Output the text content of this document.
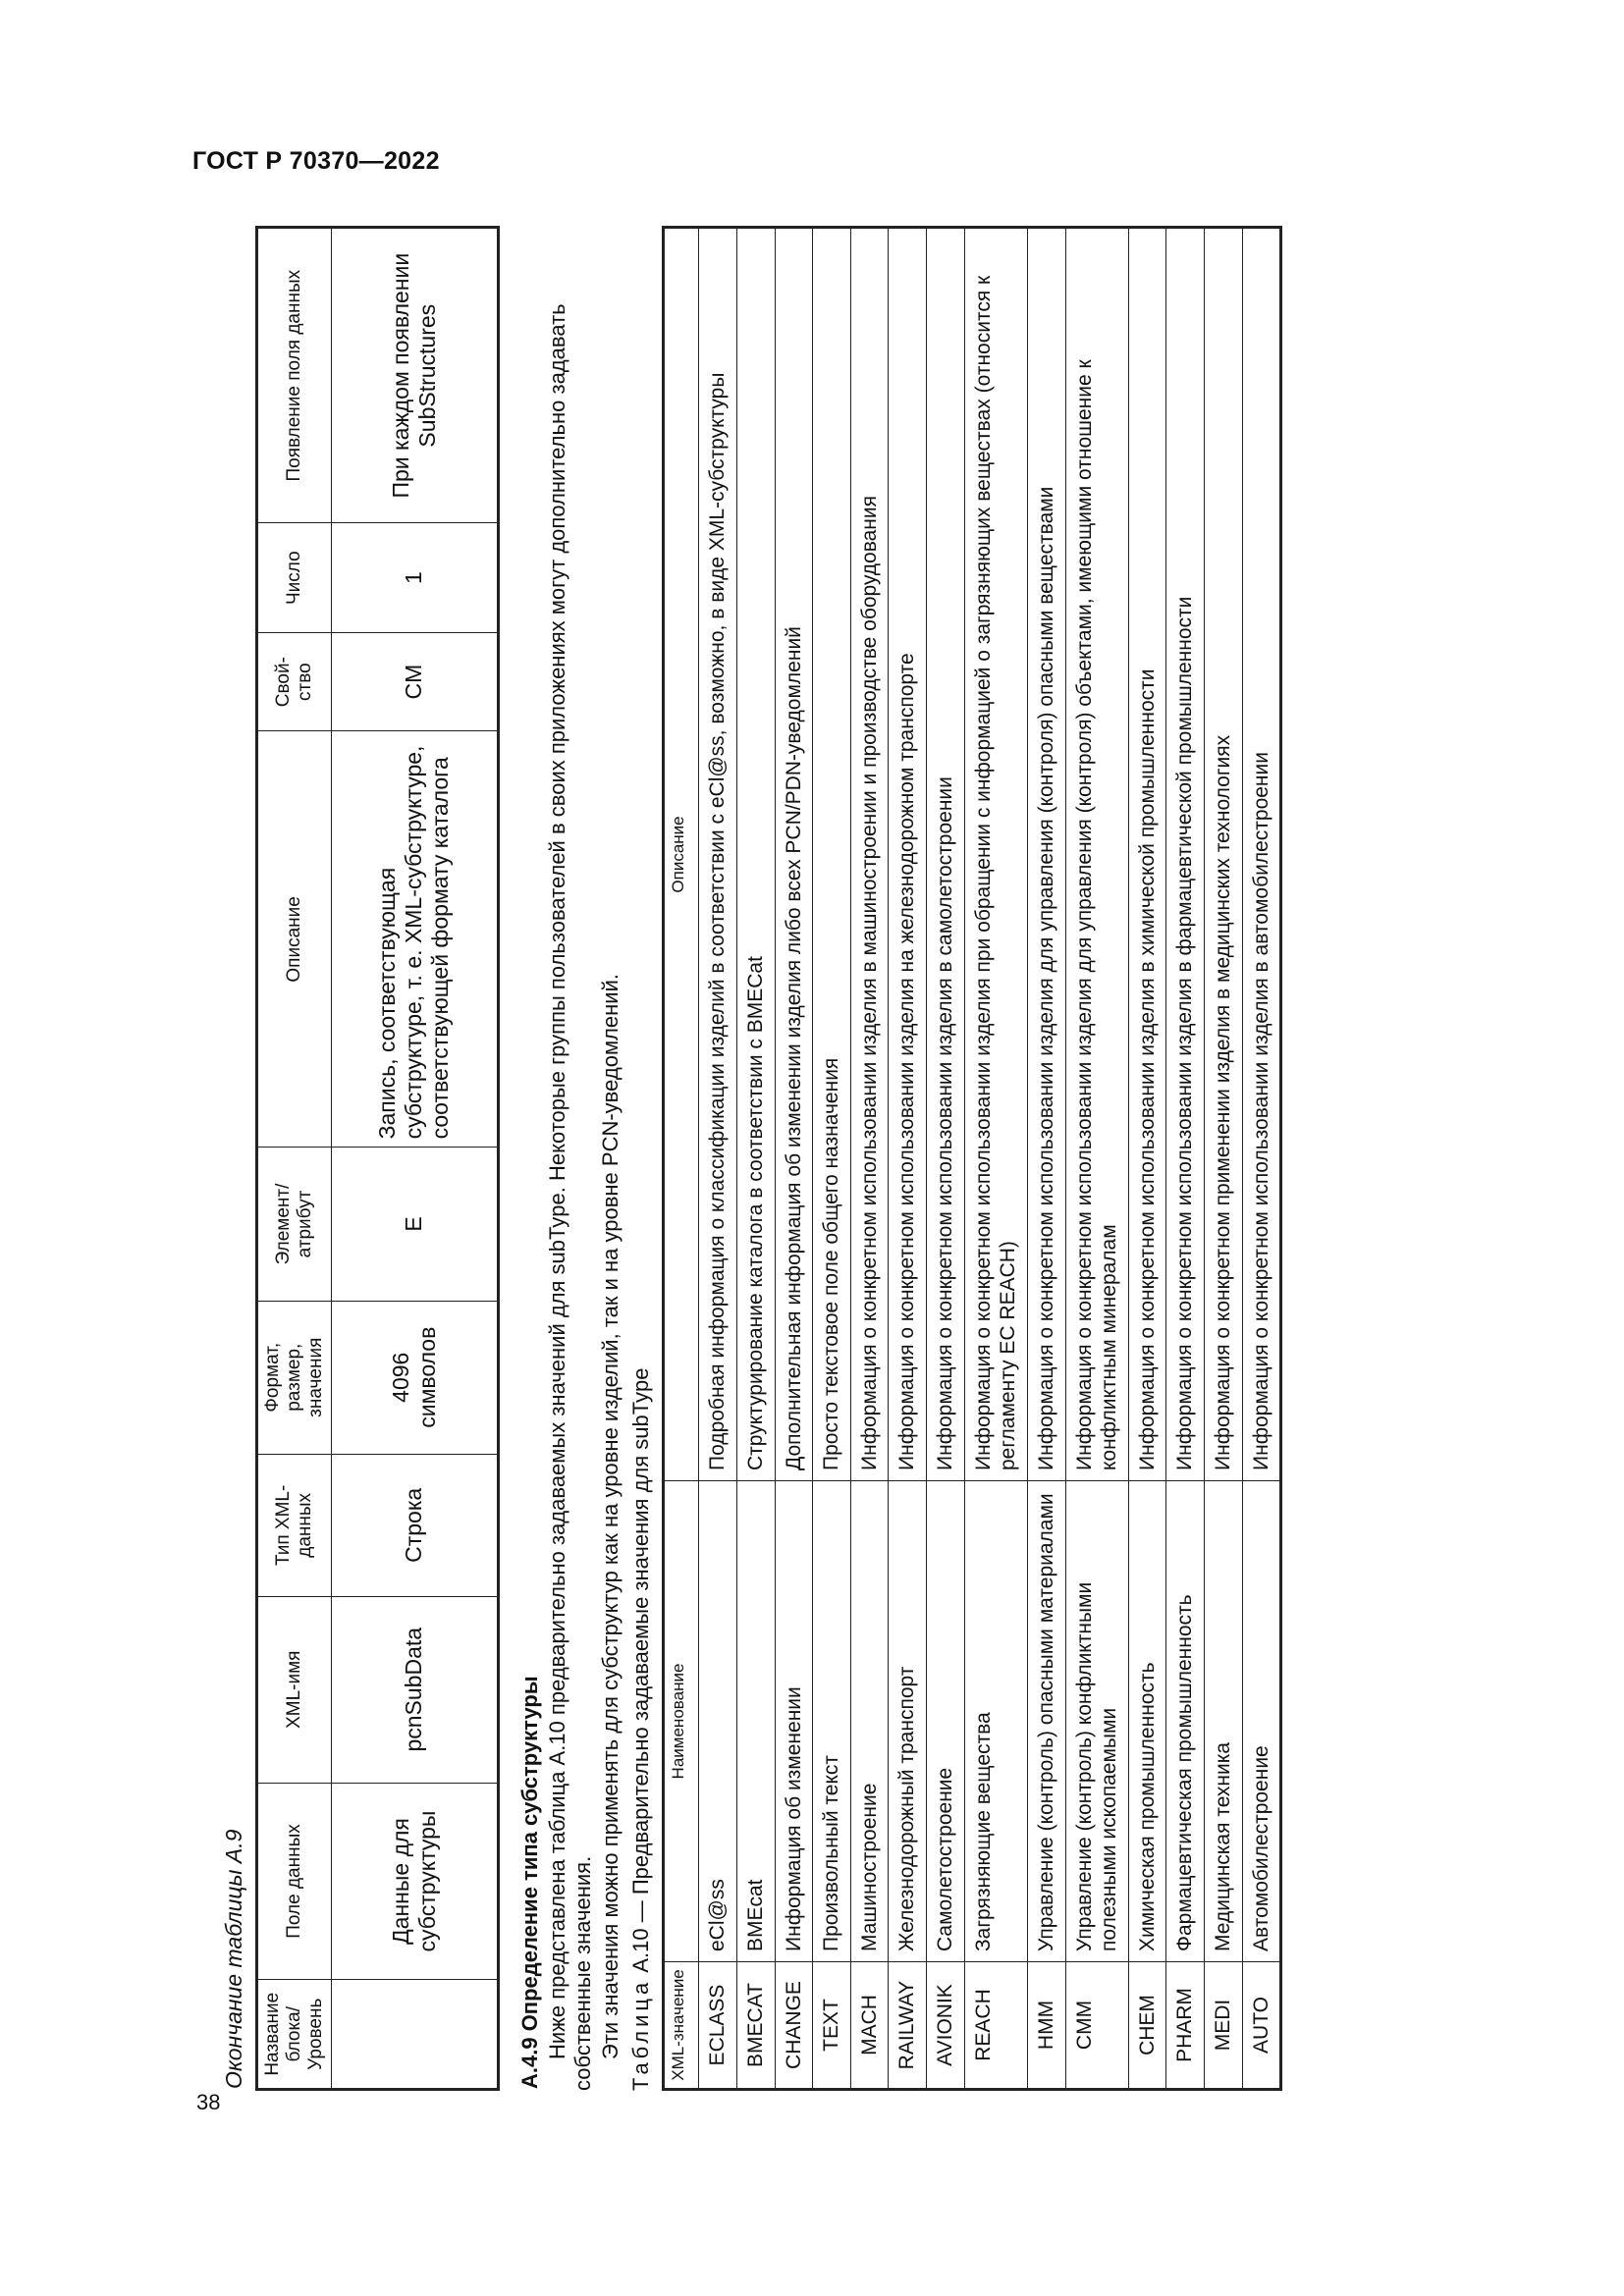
ГОСТ Р 70370—2022
38
Окончание таблицы А.9 Название блока/ Уровень	Поле данных	XML-имя	Тип XML-данных	Формат, размер, значения	Элемент/ атрибут	Описание	Свой-ство	Число	Появление поля данных
	Данные для субструктуры	pcnSubData	Строка	4096 символов	E	Запись, соответствующая субструктуре, т. е. XML-субструктуре, соответствующей формату каталога	CM	1	При каждом появлении SubStructures
А.4.9 Определение типа субструктуры Ниже представлена таблица А.10 предварительно задаваемых значений для subType. Некоторые группы пользователей в своих приложениях могут дополнительно задавать собственные значения. Эти значения можно применять для субструктур как на уровне изделий, так и на уровне PCN-уведомлений. Таблица А.10 — Предварительно задаваемые значения для subType
XML-значение	Наименование	Описание
ECLASS	eCl@ss	Подробная информация о классификации изделий в соответствии с eCl@ss, возможно, в виде XML-субструктуры
BMECAT	BMEcat	Структурирование каталога в соответствии с BMECat
CHANGE	Информация об изменении	Дополнительная информация об изменении изделия либо всех PCN/PDN-уведомлений
TEXT	Произвольный текст	Просто текстовое поле общего назначения
MACH	Машиностроение	Информация о конкретном использовании изделия в машиностроении и производстве оборудования
RAILWAY	Железнодорожный транспорт	Информация о конкретном использовании изделия на железнодорожном транспорте
AVIONIK	Самолетостроение	Информация о конкретном использовании изделия в самолетостроении
REACH	Загрязняющие вещества	Информация о конкретном использовании изделия при обращении с информацией о загрязняющих веществах (относится к регламенту ЕС REACH)
HMM	Управление (контроль) опасными материалами	Информация о конкретном использовании изделия для управления (контроля) опасными веществами
CMM	Управление (контроль) конфликтными полезными ископаемыми	Информация о конкретном использовании изделия для управления (контроля) объектами, имеющими отношение к конфликтным минералам
CHEM	Химическая промышленность	Информация о конкретном использовании изделия в химической промышленности
PHARM	Фармацевтическая промышленность	Информация о конкретном использовании изделия в фармацевтической промышленности
MEDI	Медицинская техника	Информация о конкретном применении изделия в медицинских технологиях
AUTO	Автомобилестроение	Информация о конкретном использовании изделия в автомобилестроении
